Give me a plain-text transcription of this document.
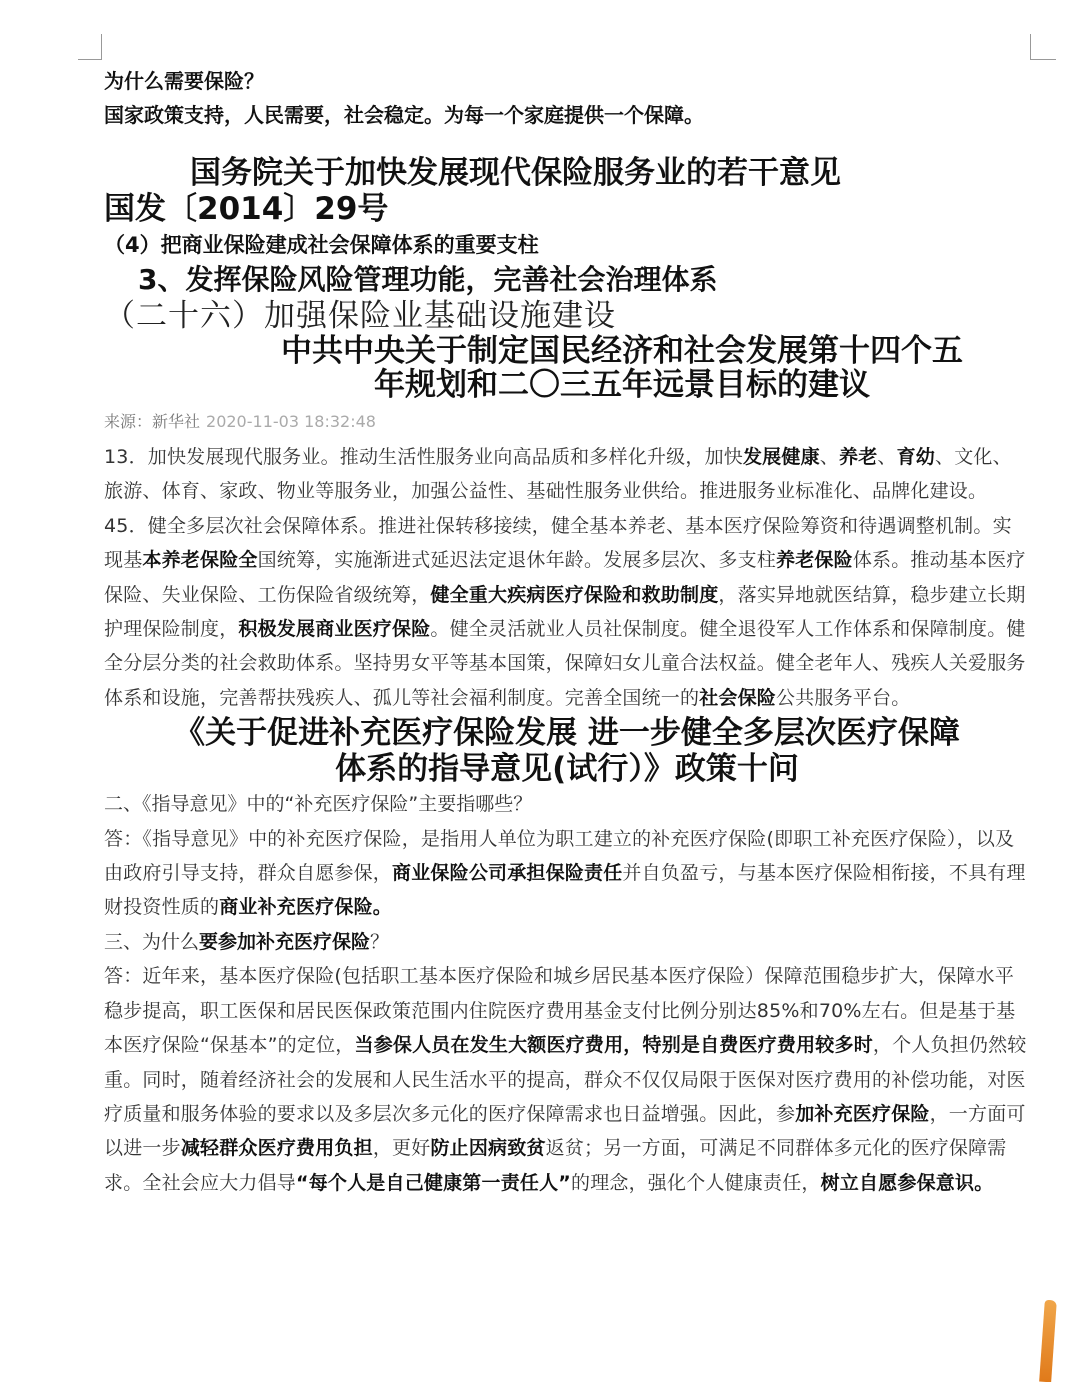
为什么需要保险？
国家政策支持，人民需要，社会稳定。为每一个家庭提供一个保障。
国务院关于加快发展现代保险服务业的若干意见
国发〔2014〕29号
（4）把商业保险建成社会保障体系的重要支柱
3、发挥保险风险管理功能，完善社会治理体系
（二十六）加强保险业基础设施建设
中共中央关于制定国民经济和社会发展第十四个五
年规划和二〇三五年远景目标的建议
来源：新华社 2020-11-03 18:32:48
13．加快发展现代服务业。推动生活性服务业向高品质和多样化升级，加快发展健康、养老、育幼、文化、旅游、体育、家政、物业等服务业，加强公益性、基础性服务业供给。推进服务业标准化、品牌化建设。
45．健全多层次社会保障体系。推进社保转移接续，健全基本养老、基本医疗保险筹资和待遇调整机制。实现基本养老保险全国统筹，实施渐进式延迟法定退休年龄。发展多层次、多支柱养老保险体系。推动基本医疗保险、失业保险、工伤保险省级统筹，健全重大疾病医疗保险和救助制度，落实异地就医结算，稳步建立长期护理保险制度，积极发展商业医疗保险。健全灵活就业人员社保制度。健全退役军人工作体系和保障制度。健全分层分类的社会救助体系。坚持男女平等基本国策，保障妇女儿童合法权益。健全老年人、残疾人关爱服务体系和设施，完善帮扶残疾人、孤儿等社会福利制度。完善全国统一的社会保险公共服务平台。
《关于促进补充医疗保险发展 进一步健全多层次医疗保障
体系的指导意见(试行）》政策十问
二、《指导意见》中的“补充医疗保险”主要指哪些？
答：《指导意见》中的补充医疗保险，是指用人单位为职工建立的补充医疗保险(即职工补充医疗保险），以及由政府引导支持，群众自愿参保，商业保险公司承担保险责任并自负盈亏，与基本医疗保险相衔接，不具有理财投资性质的商业补充医疗保险。
三、为什么要参加补充医疗保险？
答：近年来，基本医疗保险(包括职工基本医疗保险和城乡居民基本医疗保险）保障范围稳步扩大，保障水平稳步提高，职工医保和居民医保政策范围内住院医疗费用基金支付比例分别达85%和70%左右。但是基于基本医疗保险“保基本”的定位，当参保人员在发生大额医疗费用，特别是自费医疗费用较多时，个人负担仍然较重。同时，随着经济社会的发展和人民生活水平的提高，群众不仅仅局限于医保对医疗费用的补偿功能，对医疗质量和服务体验的要求以及多层次多元化的医疗保障需求也日益增强。因此，参加补充医疗保险，一方面可以进一步减轻群众医疗费用负担，更好防止因病致贫返贫；另一方面，可满足不同群体多元化的医疗保障需求。全社会应大力倡导“每个人是自己健康第一责任人”的理念，强化个人健康责任，树立自愿参保意识。
